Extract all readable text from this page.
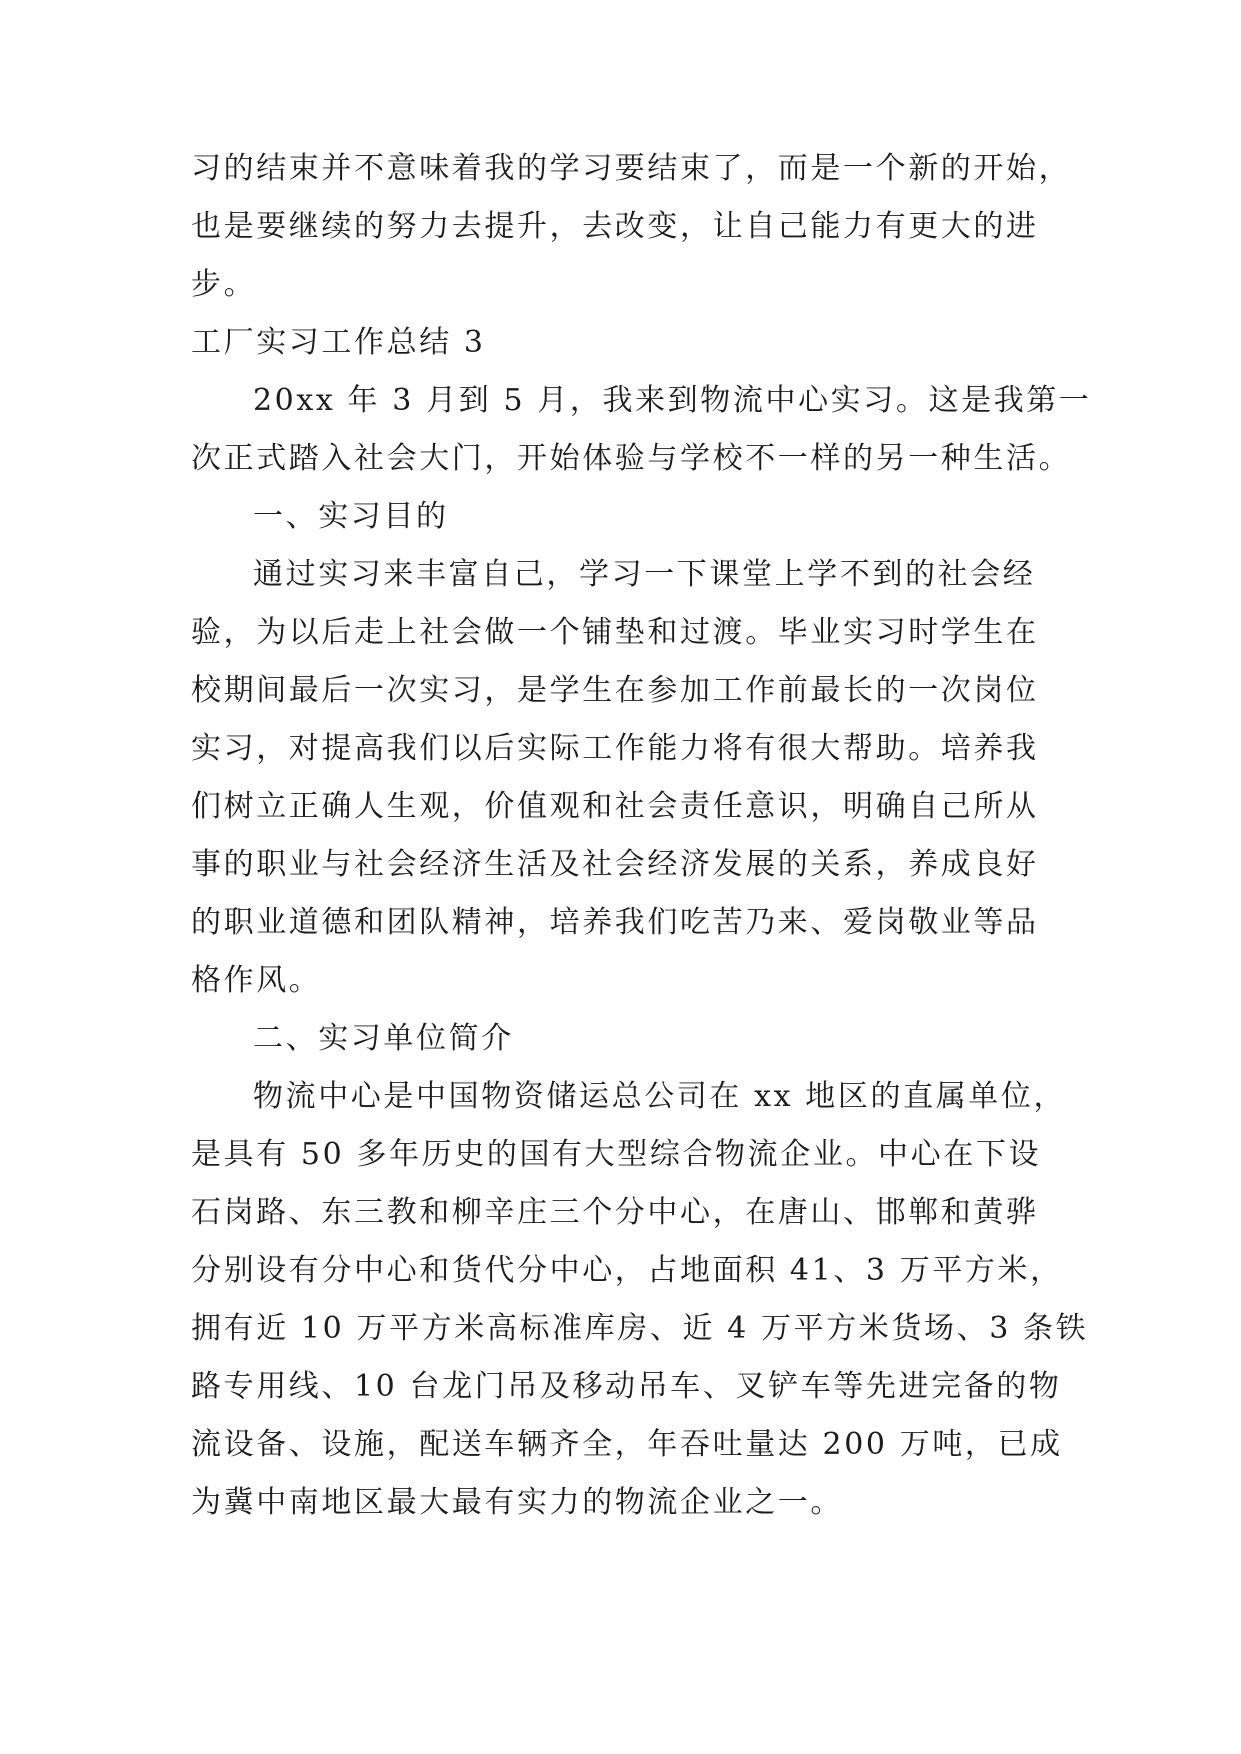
习的结束并不意味着我的学习要结束了，而是一个新的开始，
也是要继续的努力去提升，去改变，让自己能力有更大的进
步。
工厂实习工作总结 3
20xx 年 3 月到 5 月，我来到物流中心实习。这是我第一
次正式踏入社会大门，开始体验与学校不一样的另一种生活。
一、实习目的
通过实习来丰富自己，学习一下课堂上学不到的社会经
验，为以后走上社会做一个铺垫和过渡。毕业实习时学生在
校期间最后一次实习，是学生在参加工作前最长的一次岗位
实习，对提高我们以后实际工作能力将有很大帮助。培养我
们树立正确人生观，价值观和社会责任意识，明确自己所从
事的职业与社会经济生活及社会经济发展的关系，养成良好
的职业道德和团队精神，培养我们吃苦乃来、爱岗敬业等品
格作风。
二、实习单位简介
物流中心是中国物资储运总公司在 xx 地区的直属单位，
是具有 50 多年历史的国有大型综合物流企业。中心在下设
石岗路、东三教和柳辛庄三个分中心，在唐山、邯郸和黄骅
分别设有分中心和货代分中心，占地面积 41、3 万平方米，
拥有近 10 万平方米高标准库房、近 4 万平方米货场、3 条铁
路专用线、10 台龙门吊及移动吊车、叉铲车等先进完备的物
流设备、设施，配送车辆齐全，年吞吐量达 200 万吨，已成
为冀中南地区最大最有实力的物流企业之一。
